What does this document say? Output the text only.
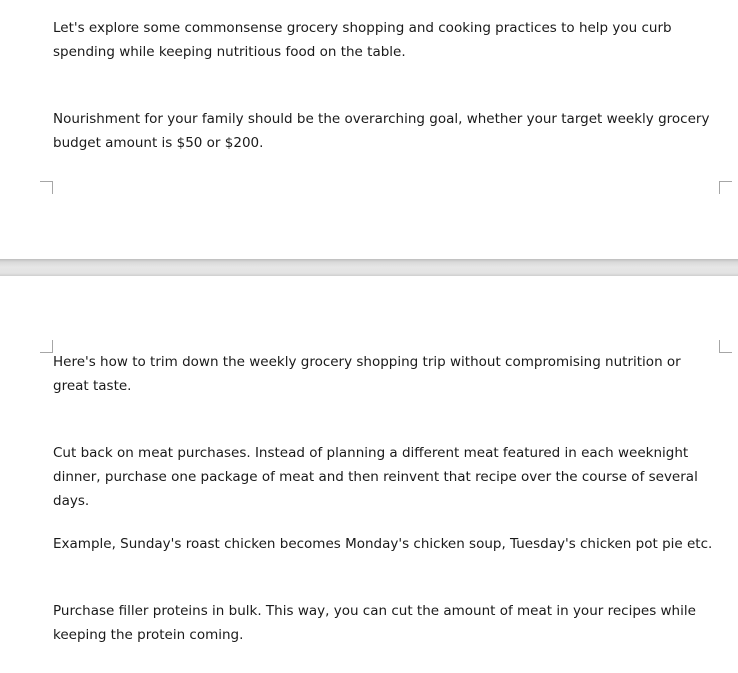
Let's explore some commonsense grocery shopping and cooking practices to help you curb spending while keeping nutritious food on the table.

Nourishment for your family should be the overarching goal, whether your target weekly grocery budget amount is $50 or $200.

Here's how to trim down the weekly grocery shopping trip without compromising nutrition or great taste.

Cut back on meat purchases. Instead of planning a different meat featured in each weeknight dinner, purchase one package of meat and then reinvent that recipe over the course of several days.

Example, Sunday's roast chicken becomes Monday's chicken soup, Tuesday's chicken pot pie etc.

Purchase filler proteins in bulk. This way, you can cut the amount of meat in your recipes while keeping the protein coming.
